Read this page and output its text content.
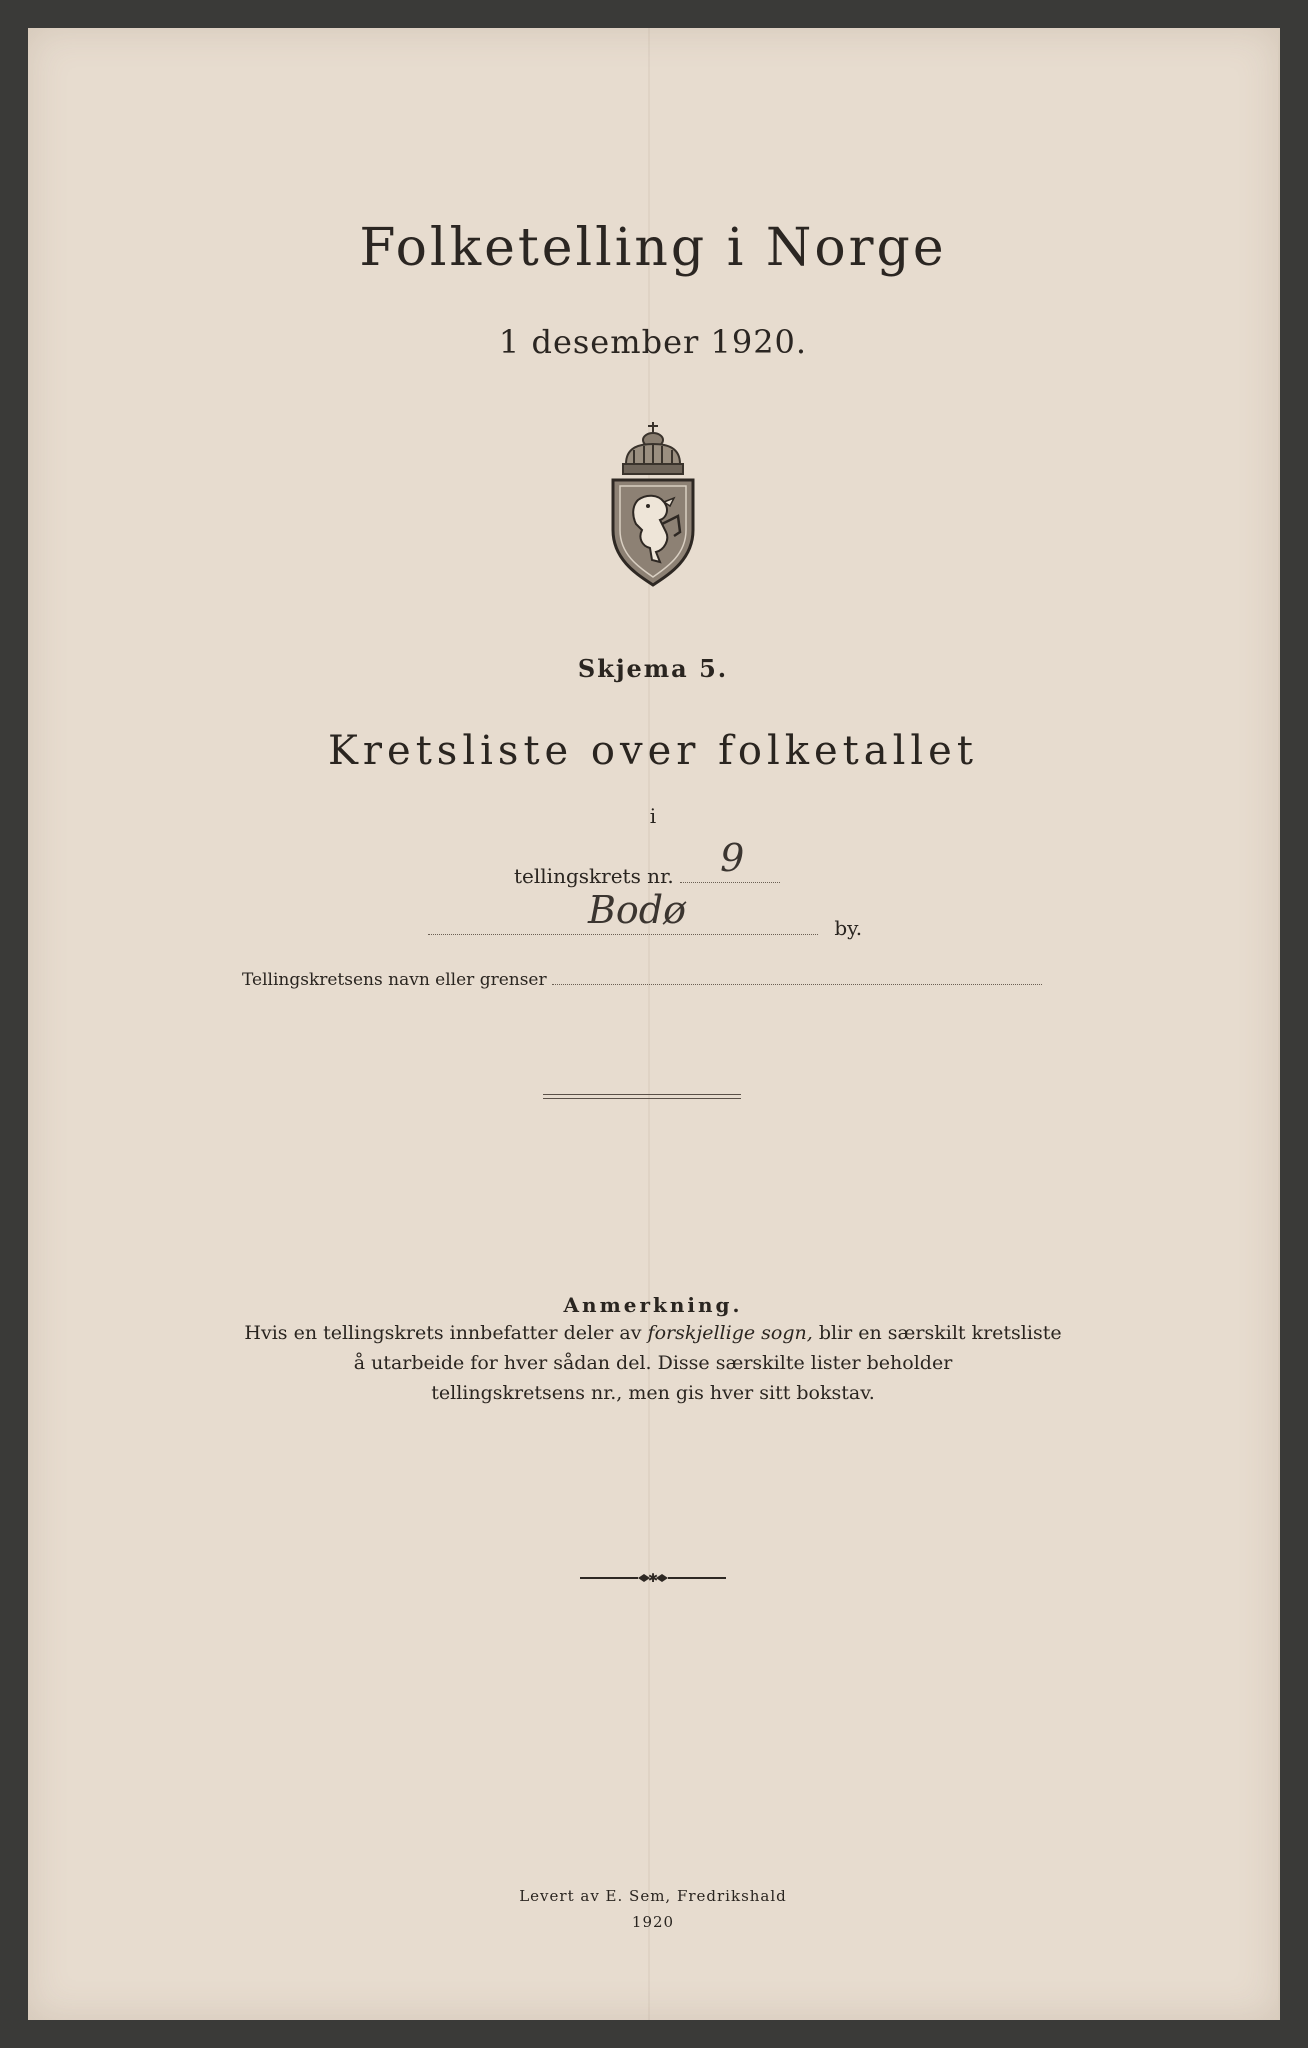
Folketelling i Norge
1 desember 1920.
Skjema 5.
Kretsliste over folketallet
i
tellingskrets nr. 9
Bodø	by.
Tellingskretsens navn eller grenser
Anmerkning.
Hvis en tellingskrets innbefatter deler av forskjellige sogn, blir en særskilt kretsliste
å utarbeide for hver sådan del. Disse særskilte lister beholder
tellingskretsens nr., men gis hver sitt bokstav.
✱
Levert av E. Sem, Fredrikshald
1920
